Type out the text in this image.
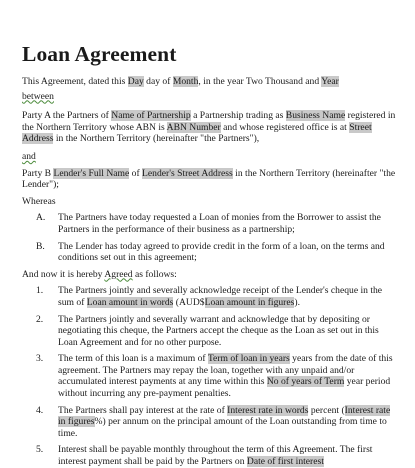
Loan Agreement

This Agreement, dated this Day day of Month, in the year Two Thousand and Year

between

Party A the Partners of Name of Partnership a Partnership trading as Business Name registered in the Northern Territory whose ABN is ABN Number and whose registered office is at Street Address in the Northern Territory (hereinafter "the Partners"),

and

Party B Lender's Full Name of Lender's Street Address in the Northern Territory (hereinafter "the Lender");

Whereas

A.	The Partners have today requested a Loan of monies from the Borrower to assist the Partners in the performance of their business as a partnership;

B.	The Lender has today agreed to provide credit in the form of a loan, on the terms and conditions set out in this agreement;

And now it is hereby Agreed as follows:

1.	The Partners jointly and severally acknowledge receipt of the Lender's cheque in the sum of Loan amount in words (AUD$Loan amount in figures).

2.	The Partners jointly and severally warrant and acknowledge that by depositing or negotiating this cheque, the Partners accept the cheque as the Loan as set out in this Loan Agreement and for no other purpose.

3.	The term of this loan is a maximum of Term of loan in years years from the date of this agreement. The Partners may repay the loan, together with any unpaid and/or accumulated interest payments at any time within this No of years of Term year period without incurring any pre-payment penalties.

4.	The Partners shall pay interest at the rate of Interest rate in words percent (Interest rate in figures%) per annum on the principal amount of the Loan outstanding from time to time.

5.	Interest shall be payable monthly throughout the term of this Agreement. The first interest payment shall be paid by the Partners on Date of first interest
